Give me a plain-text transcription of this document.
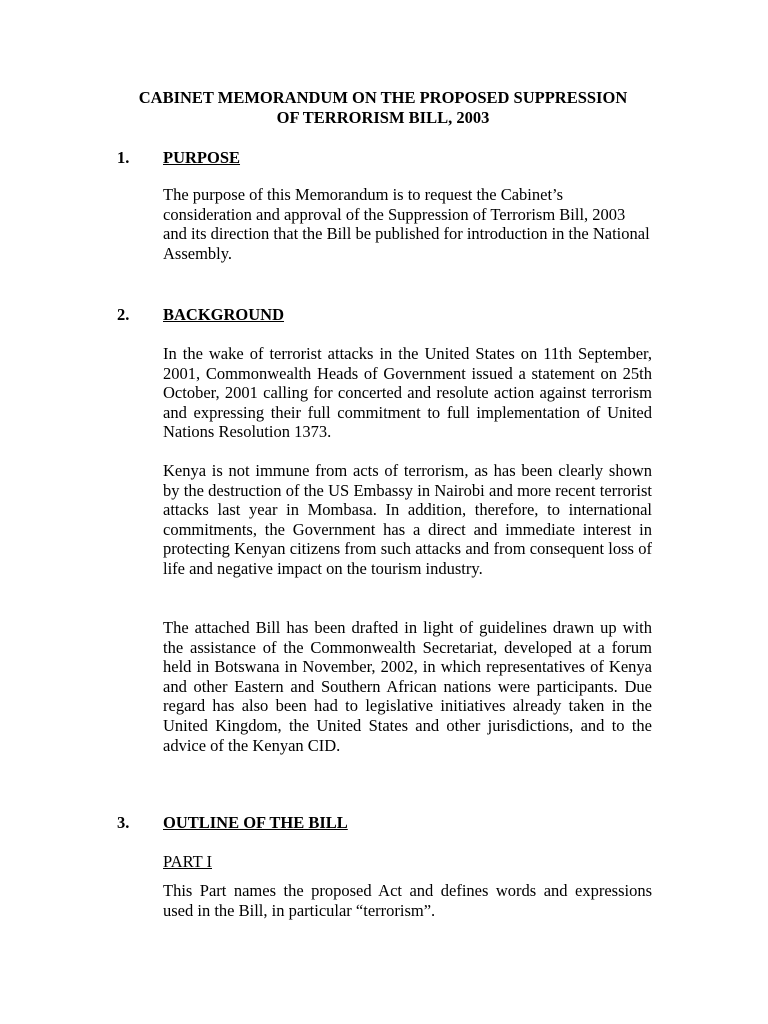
CABINET MEMORANDUM ON THE PROPOSED SUPPRESSION
OF TERRORISM BILL, 2003
1. PURPOSE
The purpose of this Memorandum is to request the Cabinet’s consideration and approval of the Suppression of Terrorism Bill, 2003 and its direction that the Bill be published for introduction in the National Assembly.
2. BACKGROUND
In the wake of terrorist attacks in the United States on 11th September, 2001, Commonwealth Heads of Government issued a statement on 25th October, 2001 calling for concerted and resolute action against terrorism and expressing their full commitment to full implementation of United Nations Resolution 1373.
Kenya is not immune from acts of terrorism, as has been clearly shown by the destruction of the US Embassy in Nairobi and more recent terrorist attacks last year in Mombasa. In addition, therefore, to international commitments, the Government has a direct and immediate interest in protecting Kenyan citizens from such attacks and from consequent loss of life and negative impact on the tourism industry.
The attached Bill has been drafted in light of guidelines drawn up with the assistance of the Commonwealth Secretariat, developed at a forum held in Botswana in November, 2002, in which representatives of Kenya and other Eastern and Southern African nations were participants. Due regard has also been had to legislative initiatives already taken in the United Kingdom, the United States and other jurisdictions, and to the advice of the Kenyan CID.
3. OUTLINE OF THE BILL
PART I
This Part names the proposed Act and defines words and expressions used in the Bill, in particular “terrorism”.
